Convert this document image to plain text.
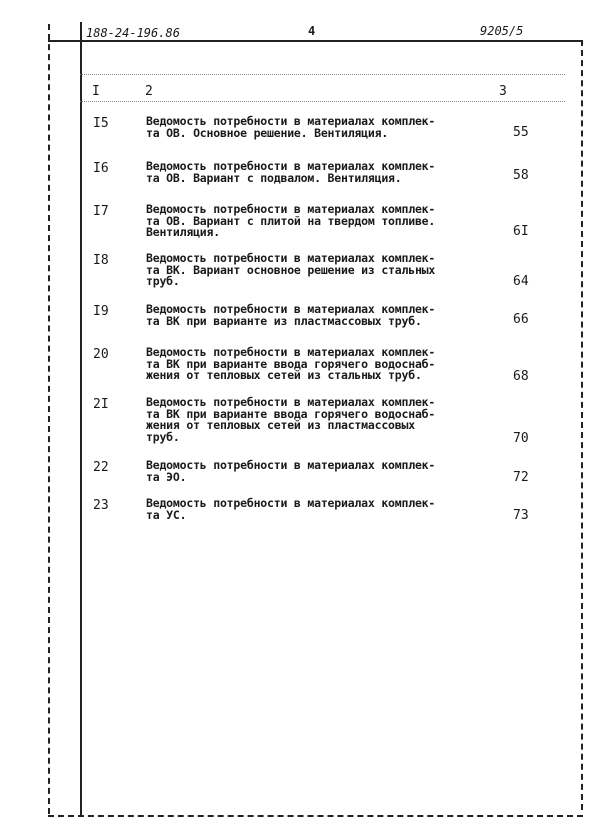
188-24-196.86	4	9205/5
I	2	3
I5	Ведомость потребности в материалах комплек-
та ОВ. Основное решение. Вентиляция.	55
I6	Ведомость потребности в материалах комплек-
та ОВ. Вариант с подвалом. Вентиляция.	58
I7	Ведомость потребности в материалах комплек-
та ОВ. Вариант с плитой на твердом топливе.
Вентиляция.	6I
I8	Ведомость потребности в материалах комплек-
та ВК. Вариант основное решение из стальных
труб.	64
I9	Ведомость потребности в материалах комплек-
та ВК при варианте из пластмассовых труб.	66
20	Ведомость потребности в материалах комплек-
та ВК при варианте ввода горячего водоснаб-
жения от тепловых сетей из стальных труб.	68
2I	Ведомость потребности в материалах комплек-
та ВК при варианте ввода горячего водоснаб-
жения от тепловых сетей из пластмассовых
труб.	70
22	Ведомость потребности в материалах комплек-
та ЭО.	72
23	Ведомость потребности в материалах комплек-
та УС.	73
